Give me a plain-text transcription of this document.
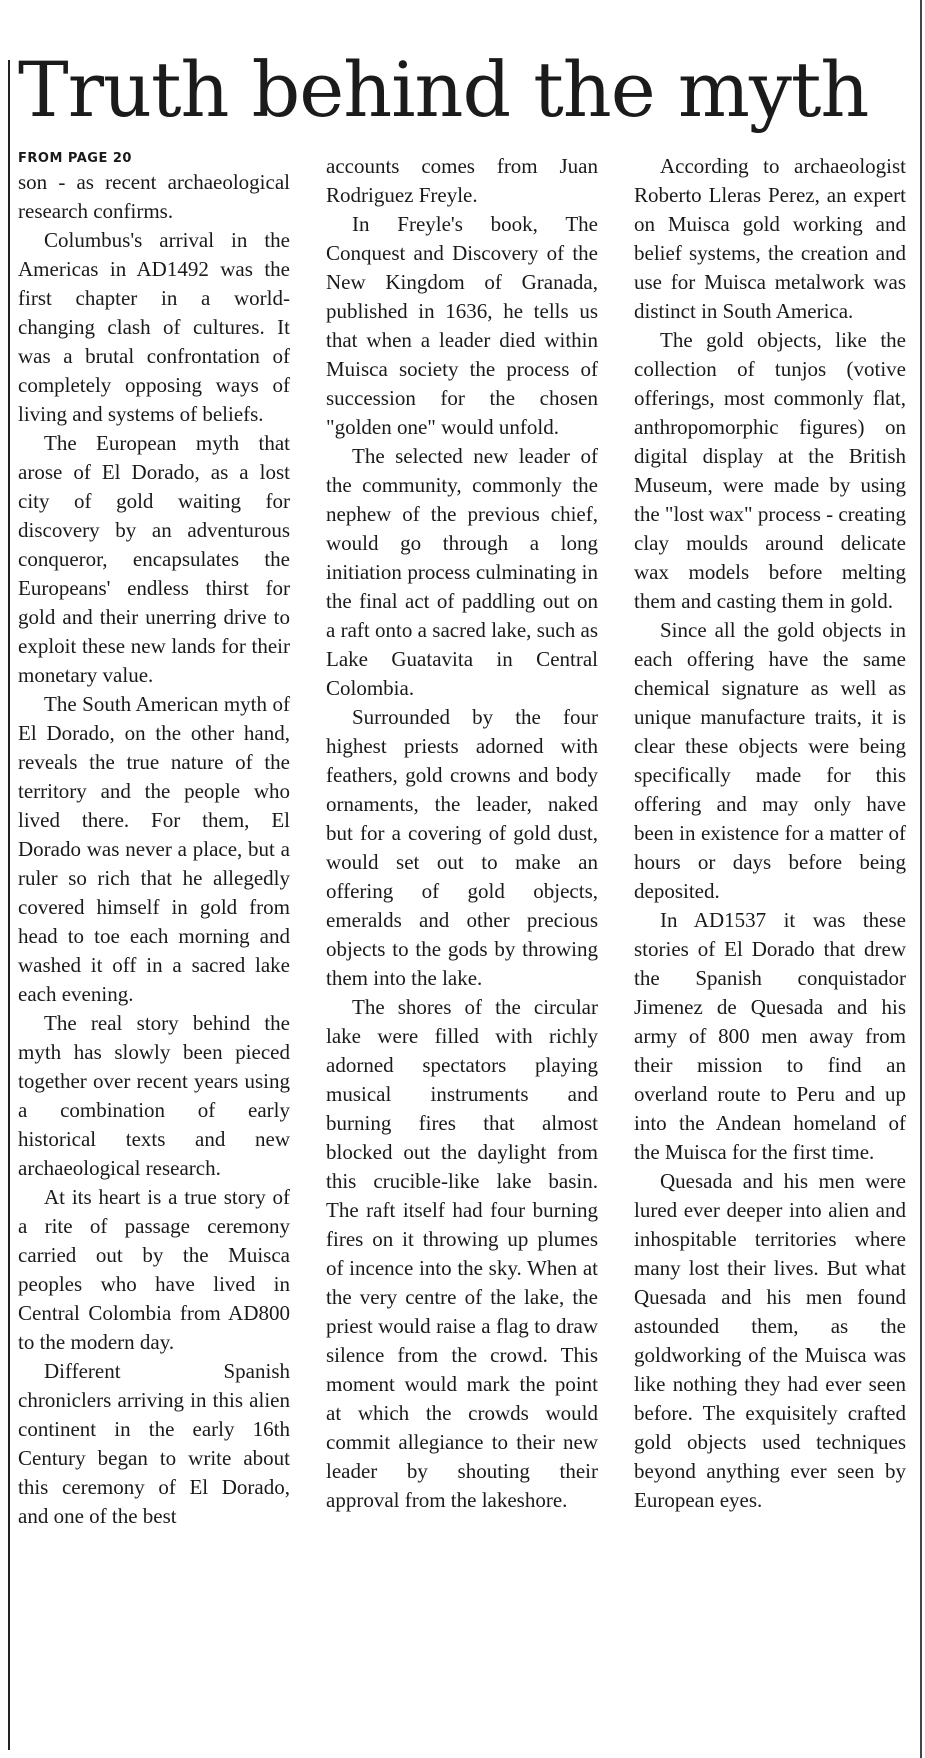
Truth behind the myth
FROM PAGE 20

son - as recent archaeological research confirms.

Columbus's arrival in the Americas in AD1492 was the first chapter in a world-changing clash of cultures. It was a brutal confrontation of completely opposing ways of living and systems of beliefs.

The European myth that arose of El Dorado, as a lost city of gold waiting for discovery by an adventurous conqueror, encapsulates the Europeans' endless thirst for gold and their unerring drive to exploit these new lands for their monetary value.

The South American myth of El Dorado, on the other hand, reveals the true nature of the territory and the people who lived there. For them, El Dorado was never a place, but a ruler so rich that he allegedly covered himself in gold from head to toe each morning and washed it off in a sacred lake each evening.

The real story behind the myth has slowly been pieced together over recent years using a combination of early historical texts and new archaeological research.

At its heart is a true story of a rite of passage ceremony carried out by the Muisca peoples who have lived in Central Colombia from AD800 to the modern day.

Different Spanish chroniclers arriving in this alien continent in the early 16th Century began to write about this ceremony of El Dorado, and one of the best

accounts comes from Juan Rodriguez Freyle.

In Freyle's book, The Conquest and Discovery of the New Kingdom of Granada, published in 1636, he tells us that when a leader died within Muisca society the process of succession for the chosen "golden one" would unfold.

The selected new leader of the community, commonly the nephew of the previous chief, would go through a long initiation process culminating in the final act of paddling out on a raft onto a sacred lake, such as Lake Guatavita in Central Colombia.

Surrounded by the four highest priests adorned with feathers, gold crowns and body ornaments, the leader, naked but for a covering of gold dust, would set out to make an offering of gold objects, emeralds and other precious objects to the gods by throwing them into the lake.

The shores of the circular lake were filled with richly adorned spectators playing musical instruments and burning fires that almost blocked out the daylight from this crucible-like lake basin. The raft itself had four burning fires on it throwing up plumes of incence into the sky. When at the very centre of the lake, the priest would raise a flag to draw silence from the crowd. This moment would mark the point at which the crowds would commit allegiance to their new leader by shouting their approval from the lakeshore.

According to archaeologist Roberto Lleras Perez, an expert on Muisca gold working and belief systems, the creation and use for Muisca metalwork was distinct in South America.

The gold objects, like the collection of tunjos (votive offerings, most commonly flat, anthropomorphic figures) on digital display at the British Museum, were made by using the "lost wax" process - creating clay moulds around delicate wax models before melting them and casting them in gold.

Since all the gold objects in each offering have the same chemical signature as well as unique manufacture traits, it is clear these objects were being specifically made for this offering and may only have been in existence for a matter of hours or days before being deposited.

In AD1537 it was these stories of El Dorado that drew the Spanish conquistador Jimenez de Quesada and his army of 800 men away from their mission to find an overland route to Peru and up into the Andean homeland of the Muisca for the first time.

Quesada and his men were lured ever deeper into alien and inhospitable territories where many lost their lives. But what Quesada and his men found astounded them, as the goldworking of the Muisca was like nothing they had ever seen before. The exquisitely crafted gold objects used techniques beyond anything ever seen by European eyes.
